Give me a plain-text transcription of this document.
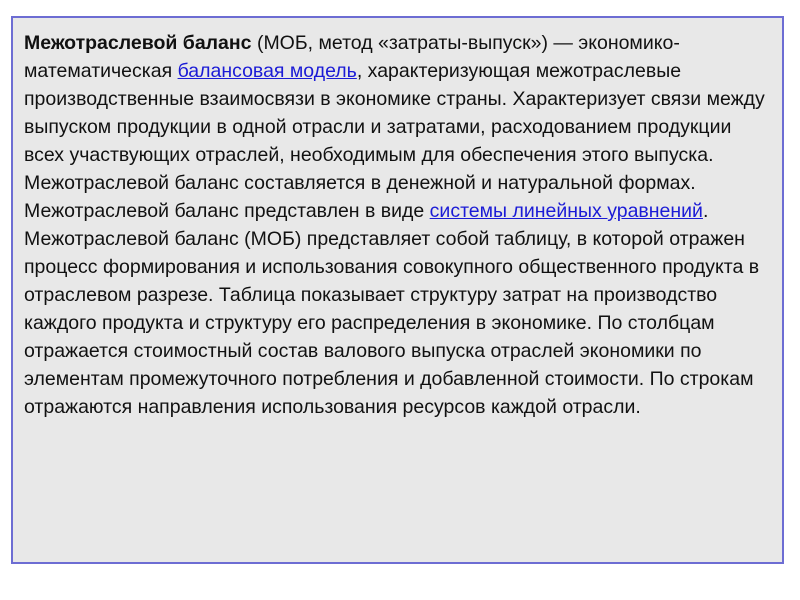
Межотраслевой баланс (МОБ, метод «затраты-выпуск») — экономико-математическая балансовая модель, характеризующая межотраслевые производственные взаимосвязи в экономике страны. Характеризует связи между выпуском продукции в одной отрасли и затратами, расходованием продукции всех участвующих отраслей, необходимым для обеспечения этого выпуска. Межотраслевой баланс составляется в денежной и натуральной формах.

Межотраслевой баланс представлен в виде системы линейных уравнений. Межотраслевой баланс (МОБ) представляет собой таблицу, в которой отражен процесс формирования и использования совокупного общественного продукта в отраслевом разрезе. Таблица показывает структуру затрат на производство каждого продукта и структуру его распределения в экономике. По столбцам отражается стоимостный состав валового выпуска отраслей экономики по элементам промежуточного потребления и добавленной стоимости. По строкам отражаются направления использования ресурсов каждой отрасли.
